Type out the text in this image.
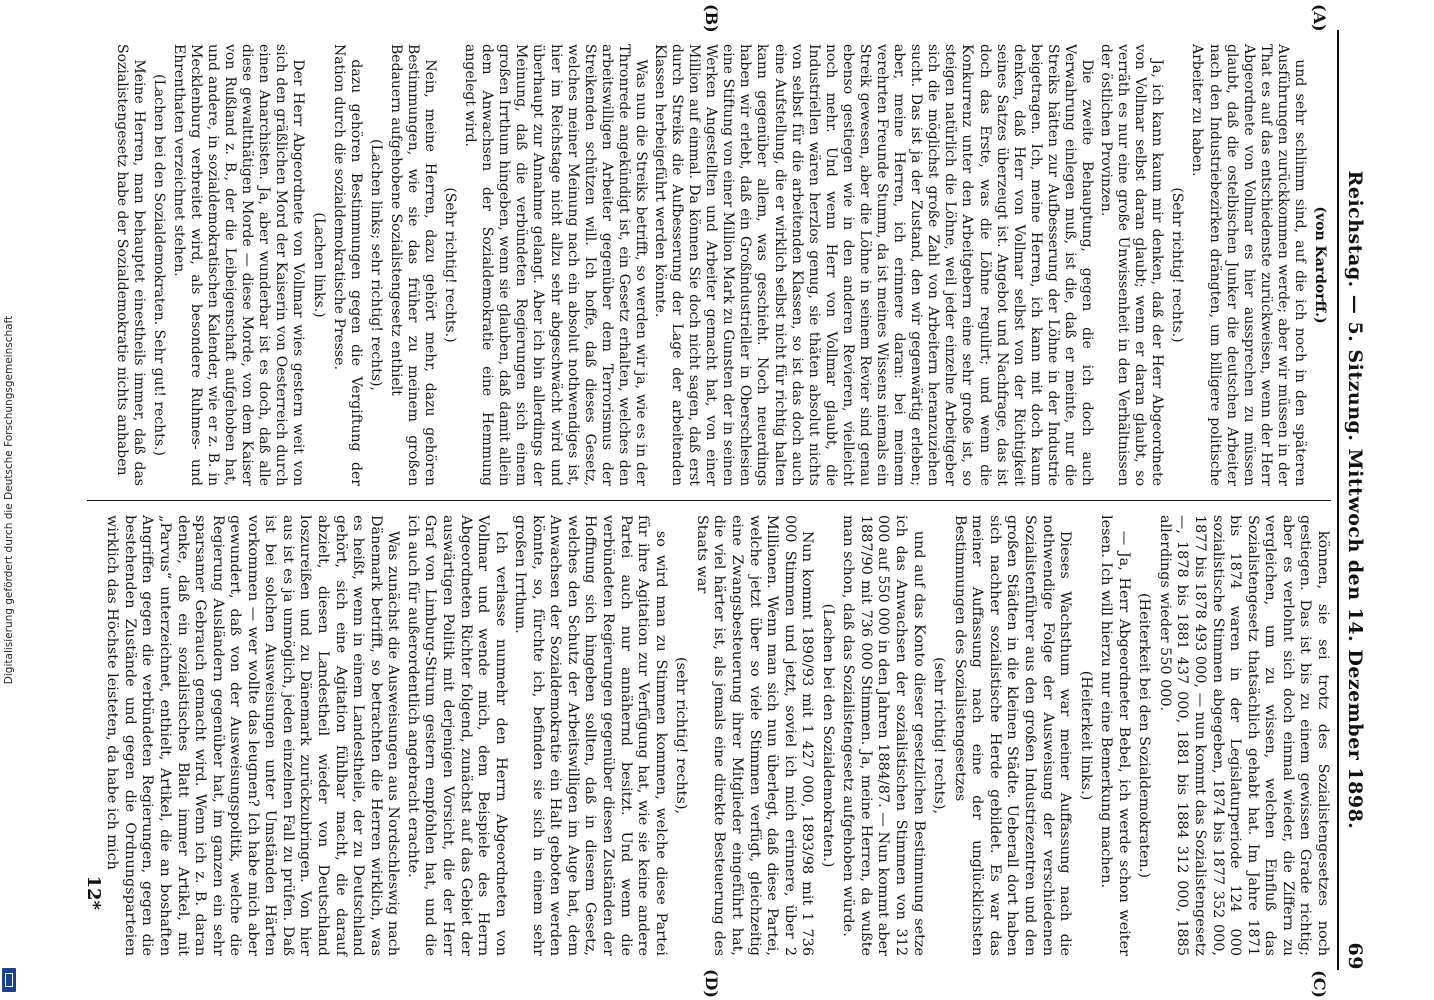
Digitalisierung gefördert durch die Deutsche Forschungsgemeinschaft	Reichstag. — 5. Sitzung. Mittwoch den 14. Dezember 1898.
69
(A)
(B)

(von Kardorff.)

und sehr schlimm sind, auf die ich noch in den späteren Ausführungen zurückkommen werde; aber wir müssen in der That es auf das entschiedenste zurückweisen, wenn der Herr Abgeordnete von Vollmar es hier aussprechen zu müssen glaubt, daß die ostelbischen Junker die deutschen Arbeiter nach den Industriebezirken drängten, um billigere politische Arbeiter zu haben.

(Sehr richtig! rechts.)

Ja, ich kann kaum mir denken, daß der Herr Abgeordnete von Vollmar selbst daran glaubt; wenn er daran glaubt, so verräth es nur eine große Unwissenheit in den Verhältnissen der östlichen Provinzen.

Die zweite Behauptung, gegen die ich doch auch Verwahrung einlegen muß, ist die, daß er meinte, nur die Streiks hätten zur Aufbesserung der Löhne in der Industrie beigetragen. Ich, meine Herren, ich kann mit doch kaum denken, daß Herr von Vollmar selbst von der Richtigkeit seines Satzes überzeugt ist. Angebot und Nachfrage, das ist doch das Erste, was die Löhne regulirt; und wenn die Konkurrenz unter den Arbeitgebern eine sehr große ist, so steigen natürlich die Löhne, weil jeder einzelne Arbeitgeber sich die möglichst große Zahl von Arbeitern heranzuziehen sucht. Das ist ja der Zustand, den wir gegenwärtig erleben; aber, meine Herren, ich erinnere daran: bei meinem verehrten Freunde Stumm, da ist meines Wissens niemals ein Streik gewesen, aber die Löhne in seinem Revier sind genau ebenso gestiegen wie in den anderen Revieren, vielleicht noch mehr. Und wenn Herr von Vollmar glaubt, die Industriellen wären herzlos genug, sie thäten absolut nichts von selbst für die arbeitenden Klassen, so ist das doch auch eine Aufstellung, die er wirklich selbst nicht für richtig halten kann gegenüber allem, was geschieht. Noch neuerdings haben wir erlebt, daß ein Großindustrieller in Oberschlesien eine Stiftung von einer Million Mark zu Gunsten der in seinen Werken Angestellten und Arbeiter gemacht hat, von einer Million auf einmal. Da können Sie doch nicht sagen, daß erst durch Streiks die Aufbesserung der Lage der arbeitenden Klassen herbeigeführt werden könnte.

Was nun die Streiks betrifft, so werden wir ja, wie es in der Thronrede angekündigt ist, ein Gesetz erhalten, welches den arbeitswilligen Arbeiter gegenüber dem Terrorismus der Streikenden schützen will. Ich hoffe, daß dieses Gesetz, welches meiner Meinung nach ein absolut nothwendiges ist, hier im Reichstage nicht allzu sehr abgeschwächt wird und überhaupt zur Annahme gelangt. Aber ich bin allerdings der Meinung, daß die verbündeten Regierungen sich einem großen Irrthum hingeben, wenn sie glauben, daß damit allein dem Anwachsen der Sozialdemokratie eine Hemmung angelegt wird.

(Sehr richtig! rechts.)

Nein, meine Herren, dazu gehört mehr, dazu gehören Bestimmungen, wie sie das früher zu meinem großen Bedauern aufgehobene Sozialistengesetz enthielt

(Lachen links; sehr richtig! rechts),

dazu gehören Bestimmungen gegen die Vergiftung der Nation durch die sozialdemokratische Presse.

(Lachen links.)

Der Herr Abgeordnete von Vollmar wies gestern weit von sich den gräßlichen Mord der Kaiserin von Oesterreich durch einen Anarchisten. Ja, aber wunderbar ist es doch, daß alle diese gewaltthätigen Morde — diese Morde, von dem Kaiser von Rußland z. B., der die Leibeigenschaft aufgehoben hat, und andere, in sozialdemokratischen Kalender, wie er z. B. in Mecklenburg verbreitet wird, als besondere Ruhmes- und Ehrenthaten verzeichnet stehen.

(Lachen bei den Sozialdemokraten. Sehr gut! rechts.)

Meine Herren, man behauptet einestheils immer, daß das Sozialistengesetz habe der Sozialdemokratie nichts anhaben

(C)
(D)

können, sie sei trotz des Sozialistengesetzes noch gestiegen. Das ist bis zu einem gewissen Grade richtig; aber es verlohnt sich doch einmal wieder, die Ziffern zu vergleichen, um zu wissen, welchen Einfluß das Sozialistengesetz thatsächlich gehabt hat. Im Jahre 1871 bis 1874 waren in der Legislaturperiode 124 000 sozialistische Stimmen abgegeben, 1874 bis 1877 352 000, 1877 bis 1878 493 000, — nun kommt das Sozialistengesetz —, 1878 bis 1881 437 000, 1881 bis 1884 312 000, 1885 allerdings wieder 550 000.

(Heiterkeit bei den Sozialdemokraten.)

— Ja, Herr Abgeordneter Bebel, ich werde schon weiter lesen. Ich will hierzu nur eine Bemerkung machen.

(Heiterkeit links.)

Dieses Wachsthum war meiner Auffassung nach die nothwendige Folge der Ausweisung der verschiedenen Sozialistenführer aus den großen Industriezentren und den großen Städten in die kleinen Städte. Ueberall dort haben sich nachher sozialistische Herde gebildet. Es war das meiner Auffassung nach eine der unglücklichsten Bestimmungen des Sozialistengesetzes

(sehr richtig! rechts),

und auf das Konto dieser gesetzlichen Bestimmung setze ich das Anwachsen der sozialistischen Stimmen von 312 000 auf 550 000 in den Jahren 1884/87. — Nun kommt aber 1887/90 mit 736 000 Stimmen. Ja, meine Herren, da wußte man schon, daß das Sozialistengesetz aufgehoben würde.

(Lachen bei den Sozialdemokraten.)

Nun kommt 1890/93 mit 1 427 000, 1893/98 mit 1 736 000 Stimmen und jetzt, soviel ich mich erinnere, über 2 Millionen. Wenn man sich nun überlegt, daß diese Partei, welche jetzt über so viele Stimmen verfügt, gleichzeitig eine Zwangsbesteuerung ihrer Mitglieder eingeführt hat, die viel härter ist, als jemals eine direkte Besteuerung des Staats war

(sehr richtig! rechts),

so wird man zu Stimmen kommen, welche diese Partei für ihre Agitation zur Verfügung hat, wie sie keine andere Partei auch nur annähernd besitzt. Und wenn die verbündeten Regierungen gegenüber diesen Zuständen der Hoffnung sich hingeben sollten, daß in diesem Gesetz, welches den Schutz der Arbeitswilligen im Auge hat, dem Anwachsen der Sozialdemokratie ein Halt geboten werden könnte, so, fürchte ich, befinden sie sich in einem sehr großen Irrthum.

Ich verlasse nunmehr den Herrn Abgeordneten von Vollmar und wende mich, dem Beispiele des Herrn Abgeordneten Richter folgend, zunächst auf das Gebiet der auswärtigen Politik mit derjenigen Vorsicht, die der Herr Graf von Limburg-Stirum gestern empfohlen hat, und die ich auch für außerordentlich angebracht erachte.

Was zunächst die Ausweisungen aus Nordschleswig nach Dänemark betrifft, so betrachten die Herren wirklich, was es heißt, wenn in einem Landestheile, der zu Deutschland gehört, sich eine Agitation fühlbar macht, die darauf abzielt, diesen Landestheil wieder von Deutschland loszureißen und zu Dänemark zurückzubringen. Von hier aus ist es ja unmöglich, jeden einzelnen Fall zu prüfen. Daß ist bei solchen Ausweisungen unter Umständen Härten vorkommen — wer wollte das leugnen? Ich habe mich aber gewundert, daß von der Ausweisungspolitik, welche die Regierung Ausländern gegenüber hat, im ganzen ein sehr sparsamer Gebrauch gemacht wird. Wenn ich z. B. daran denke, daß ein sozialistisches Blatt immer Artikel, mit „Parvus“ unterzeichnet, enthielt, Artikel, die an boshaften Angriffen gegen die verbündeten Regierungen, gegen die bestehenden Zustände und gegen die Ordnungsparteien wirklich das Höchste leisteten, da habe ich mich

12*
